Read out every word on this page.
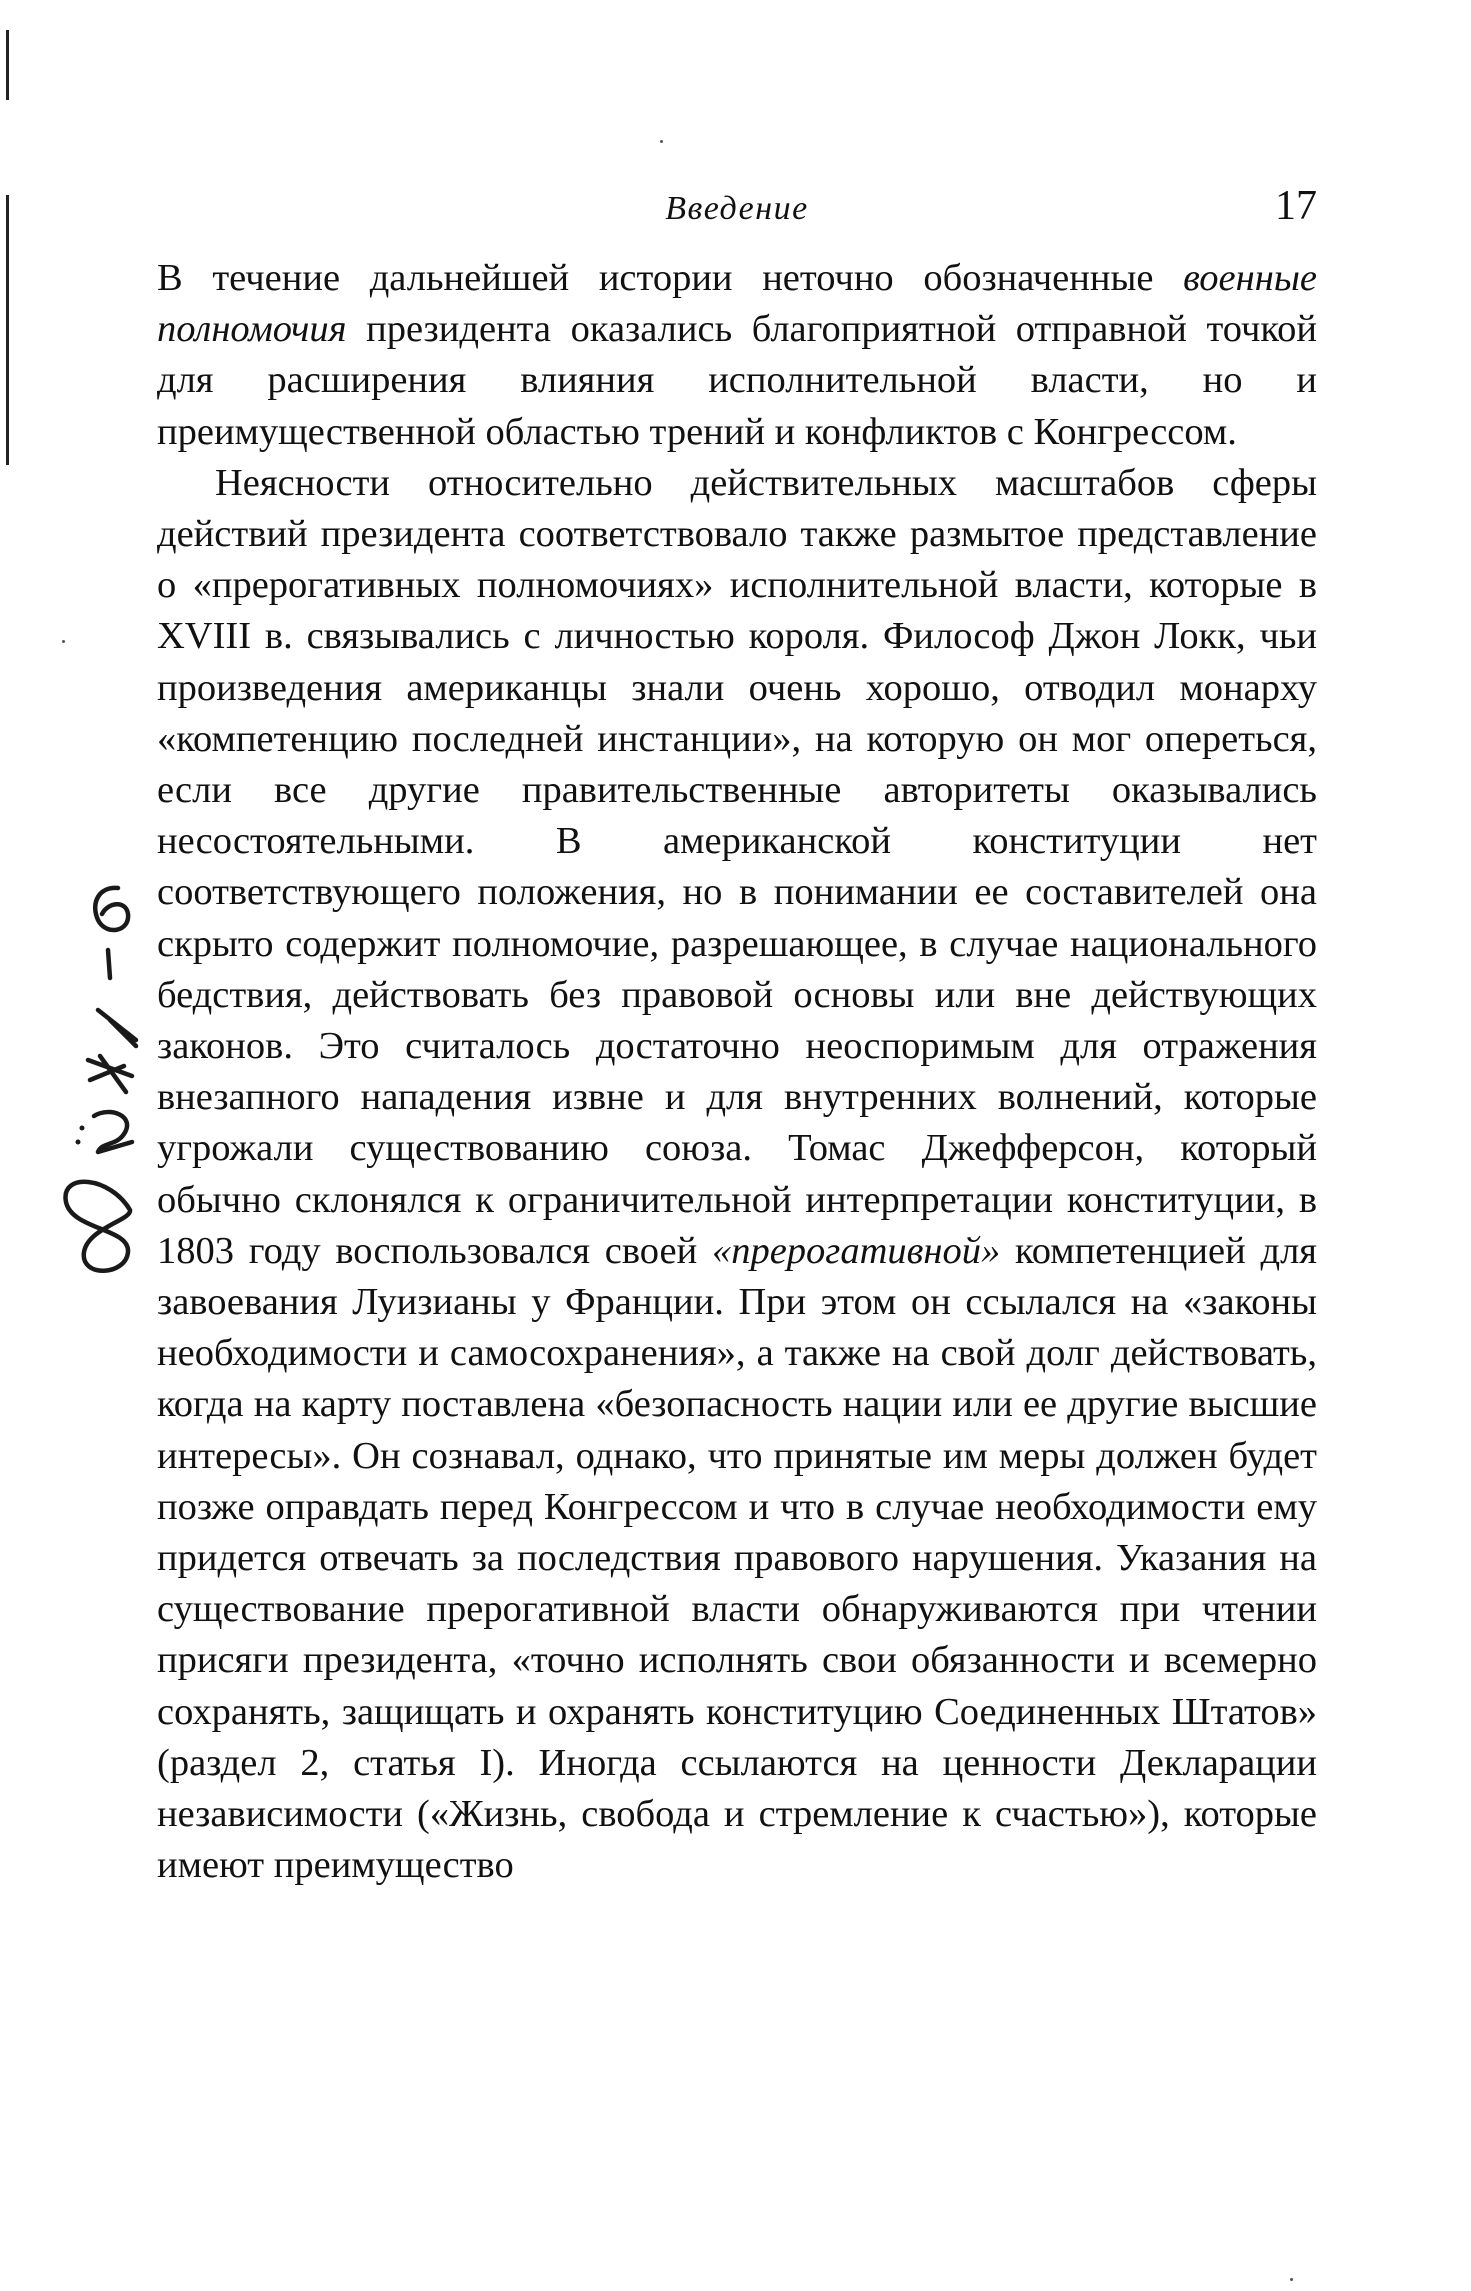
Введение	17

В течение дальнейшей истории неточно обозначенные военные полномочия президента оказались благоприятной отправной точкой для расширения влияния исполнительной власти, но и преимущественной областью трений и конфликтов с Конгрессом.

Неясности относительно действительных масштабов сферы действий президента соответствовало также размытое представление о «прерогативных полномочиях» исполнительной власти, которые в XVIII в. связывались с личностью короля. Философ Джон Локк, чьи произведения американцы знали очень хорошо, отводил монарху «компетенцию последней инстанции», на которую он мог опереться, если все другие правительственные авторитеты оказывались несостоятельными. В американской конституции нет соответствующего положения, но в понимании ее составителей она скрыто содержит полномочие, разрешающее, в случае национального бедствия, действовать без правовой основы или вне действующих законов. Это считалось достаточно неоспоримым для отражения внезапного нападения извне и для внутренних волнений, которые угрожали существованию союза. Томас Джефферсон, который обычно склонялся к ограничительной интерпретации конституции, в 1803 году воспользовался своей «прерогативной» компетенцией для завоевания Луизианы у Франции. При этом он ссылался на «законы необходимости и самосохранения», а также на свой долг действовать, когда на карту поставлена «безопасность нации или ее другие высшие интересы». Он сознавал, однако, что принятые им меры должен будет позже оправдать перед Конгрессом и что в случае необходимости ему придется отвечать за последствия правового нарушения. Указания на существование прерогативной власти обнаруживаются при чтении присяги президента, «точно исполнять свои обязанности и всемерно сохранять, защищать и охранять конституцию Соединенных Штатов» (раздел 2, статья I). Иногда ссылаются на ценности Декларации независимости («Жизнь, свобода и стремление к счастью»), которые имеют преимущество
